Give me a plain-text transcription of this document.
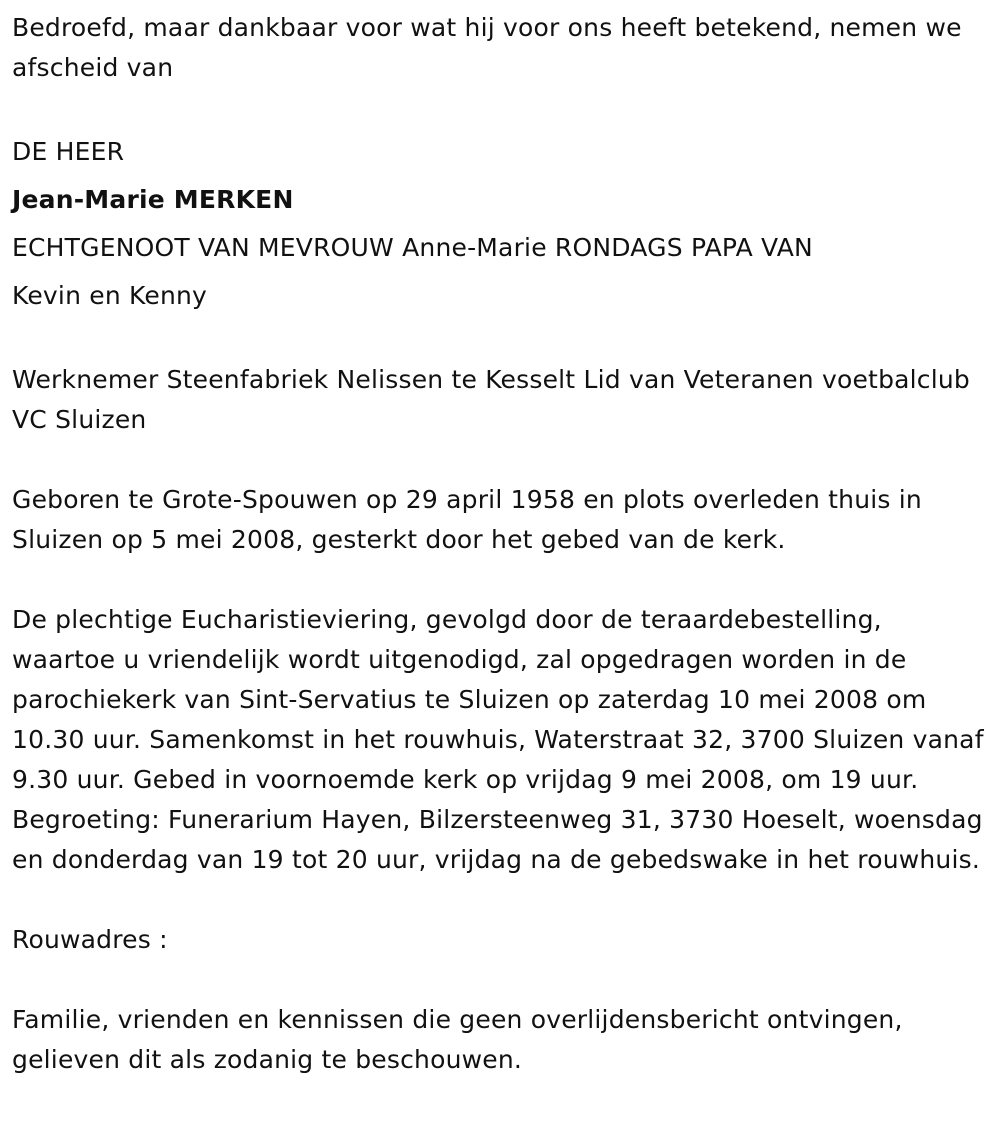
Bedroefd, maar dankbaar voor wat hij voor ons heeft betekend, nemen we afscheid van

DE HEER

Jean-Marie MERKEN

ECHTGENOOT VAN MEVROUW Anne-Marie RONDAGS PAPA VAN

Kevin en Kenny

Werknemer Steenfabriek Nelissen te Kesselt Lid van Veteranen voetbalclub VC Sluizen

Geboren te Grote-Spouwen op 29 april 1958 en plots overleden thuis in Sluizen op 5 mei 2008, gesterkt door het gebed van de kerk.

De plechtige Eucharistieviering, gevolgd door de teraardebestelling, waartoe u vriendelijk wordt uitgenodigd, zal opgedragen worden in de parochiekerk van Sint-Servatius te Sluizen op zaterdag 10 mei 2008 om 10.30 uur. Samenkomst in het rouwhuis, Waterstraat 32, 3700 Sluizen vanaf 9.30 uur. Gebed in voornoemde kerk op vrijdag 9 mei 2008, om 19 uur. Begroeting: Funerarium Hayen, Bilzersteenweg 31, 3730 Hoeselt, woensdag en donderdag van 19 tot 20 uur, vrijdag na de gebedswake in het rouwhuis.

Rouwadres :

Familie, vrienden en kennissen die geen overlijdensbericht ontvingen, gelieven dit als zodanig te beschouwen.
